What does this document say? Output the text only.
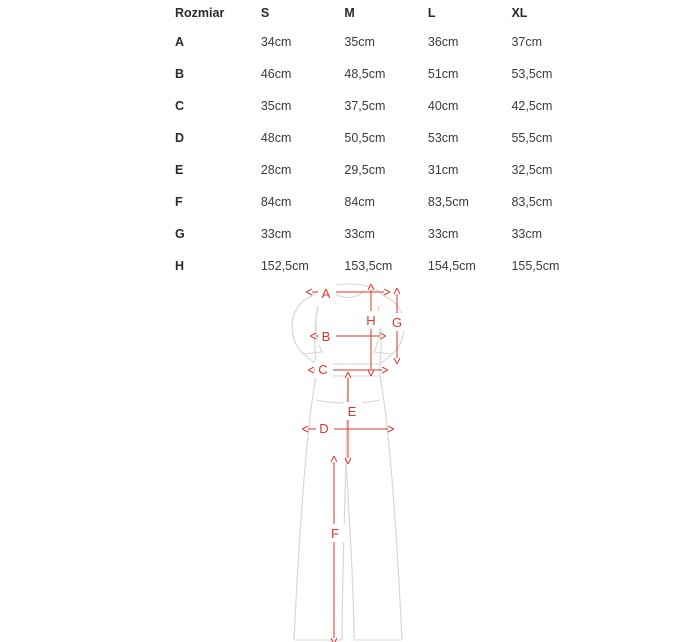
Rozmiar	S	M	L	XL
A	34cm	35cm	36cm	37cm
B	46cm	48,5cm	51cm	53,5cm
C	35cm	37,5cm	40cm	42,5cm
D	48cm	50,5cm	53cm	55,5cm
E	28cm	29,5cm	31cm	32,5cm
F	84cm	84cm	83,5cm	83,5cm
G	33cm	33cm	33cm	33cm
H	152,5cm	153,5cm	154,5cm	155,5cm
A
B
C
D
E
F
G
H
